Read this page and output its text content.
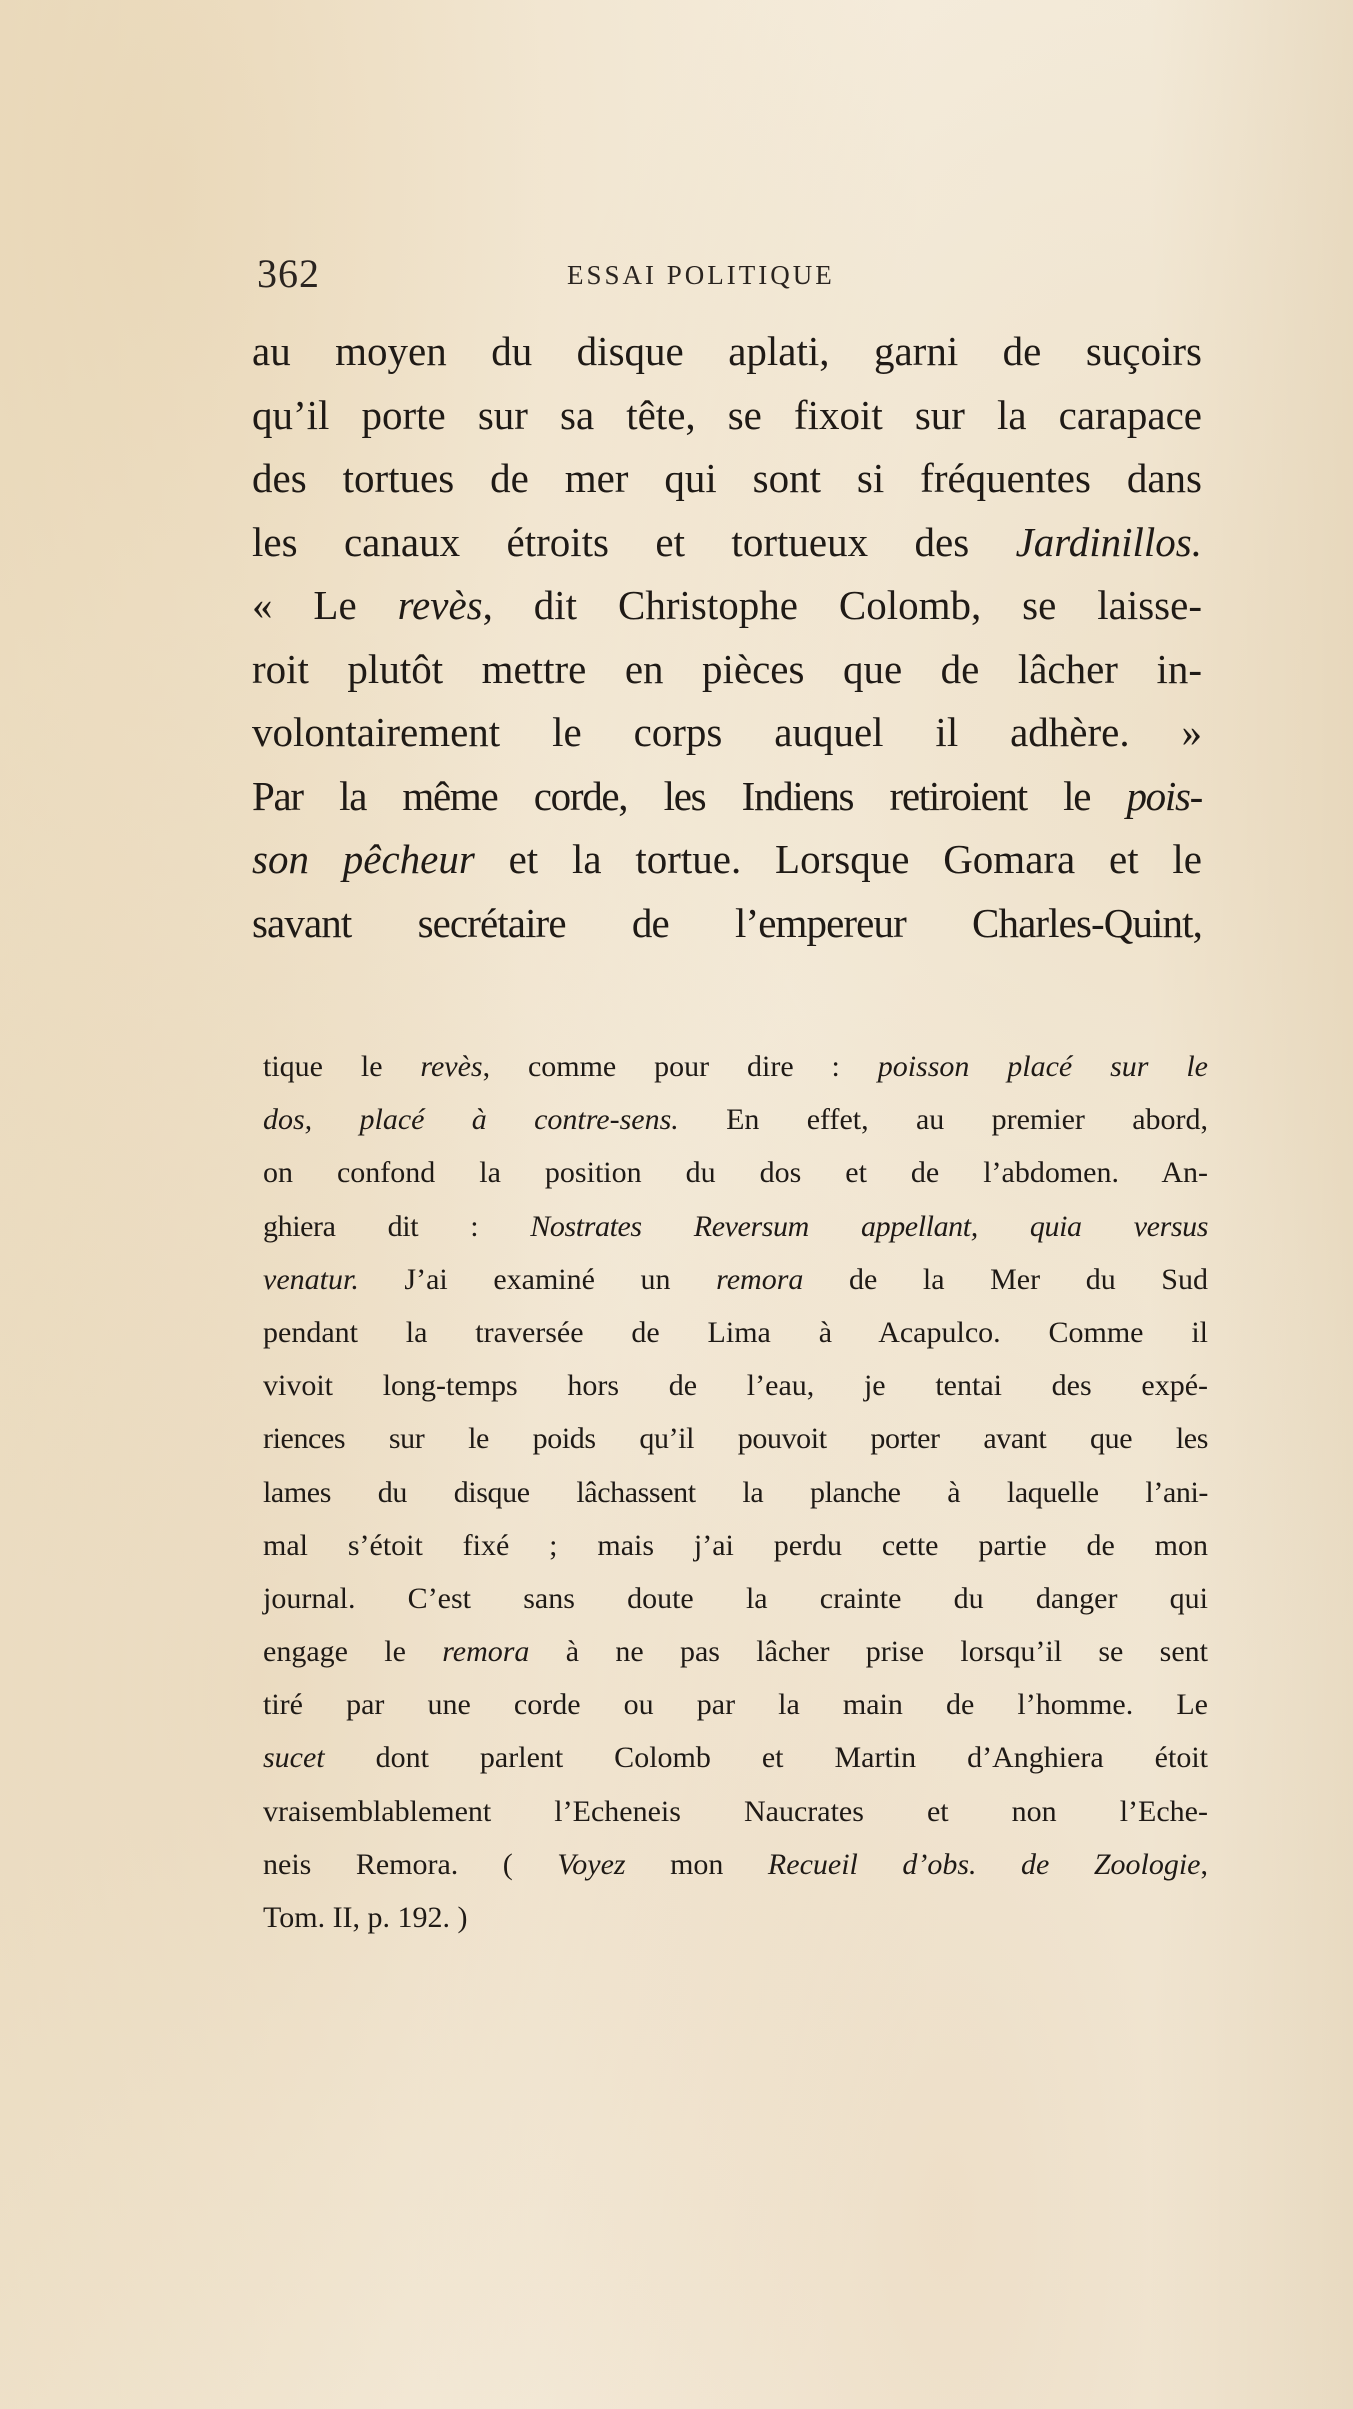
362	ESSAI POLITIQUE
au moyen du disque aplati, garni de suçoirs
qu’il porte sur sa tête, se fixoit sur la carapace
des tortues de mer qui sont si fréquentes dans
les canaux étroits et tortueux des Jardinillos.
« Le revès, dit Christophe Colomb, se laisse-
roit plutôt mettre en pièces que de lâcher in-
volontairement le corps auquel il adhère. »
Par la même corde, les Indiens retiroient le pois-
son pêcheur et la tortue. Lorsque Gomara et le
savant secrétaire de l’empereur Charles-Quint,
tique le revès, comme pour dire : poisson placé sur le
dos, placé à contre-sens. En effet, au premier abord,
on confond la position du dos et de l’abdomen. An-
ghiera dit : Nostrates Reversum appellant, quia versus
venatur. J’ai examiné un remora de la Mer du Sud
pendant la traversée de Lima à Acapulco. Comme il
vivoit long-temps hors de l’eau, je tentai des expé-
riences sur le poids qu’il pouvoit porter avant que les
lames du disque lâchassent la planche à laquelle l’ani-
mal s’étoit fixé ; mais j’ai perdu cette partie de mon
journal. C’est sans doute la crainte du danger qui
engage le remora à ne pas lâcher prise lorsqu’il se sent
tiré par une corde ou par la main de l’homme. Le
sucet dont parlent Colomb et Martin d’Anghiera étoit
vraisemblablement l’Echeneis Naucrates et non l’Eche-
neis Remora. ( Voyez mon Recueil d’obs. de Zoologie,
Tom. II, p. 192. )
